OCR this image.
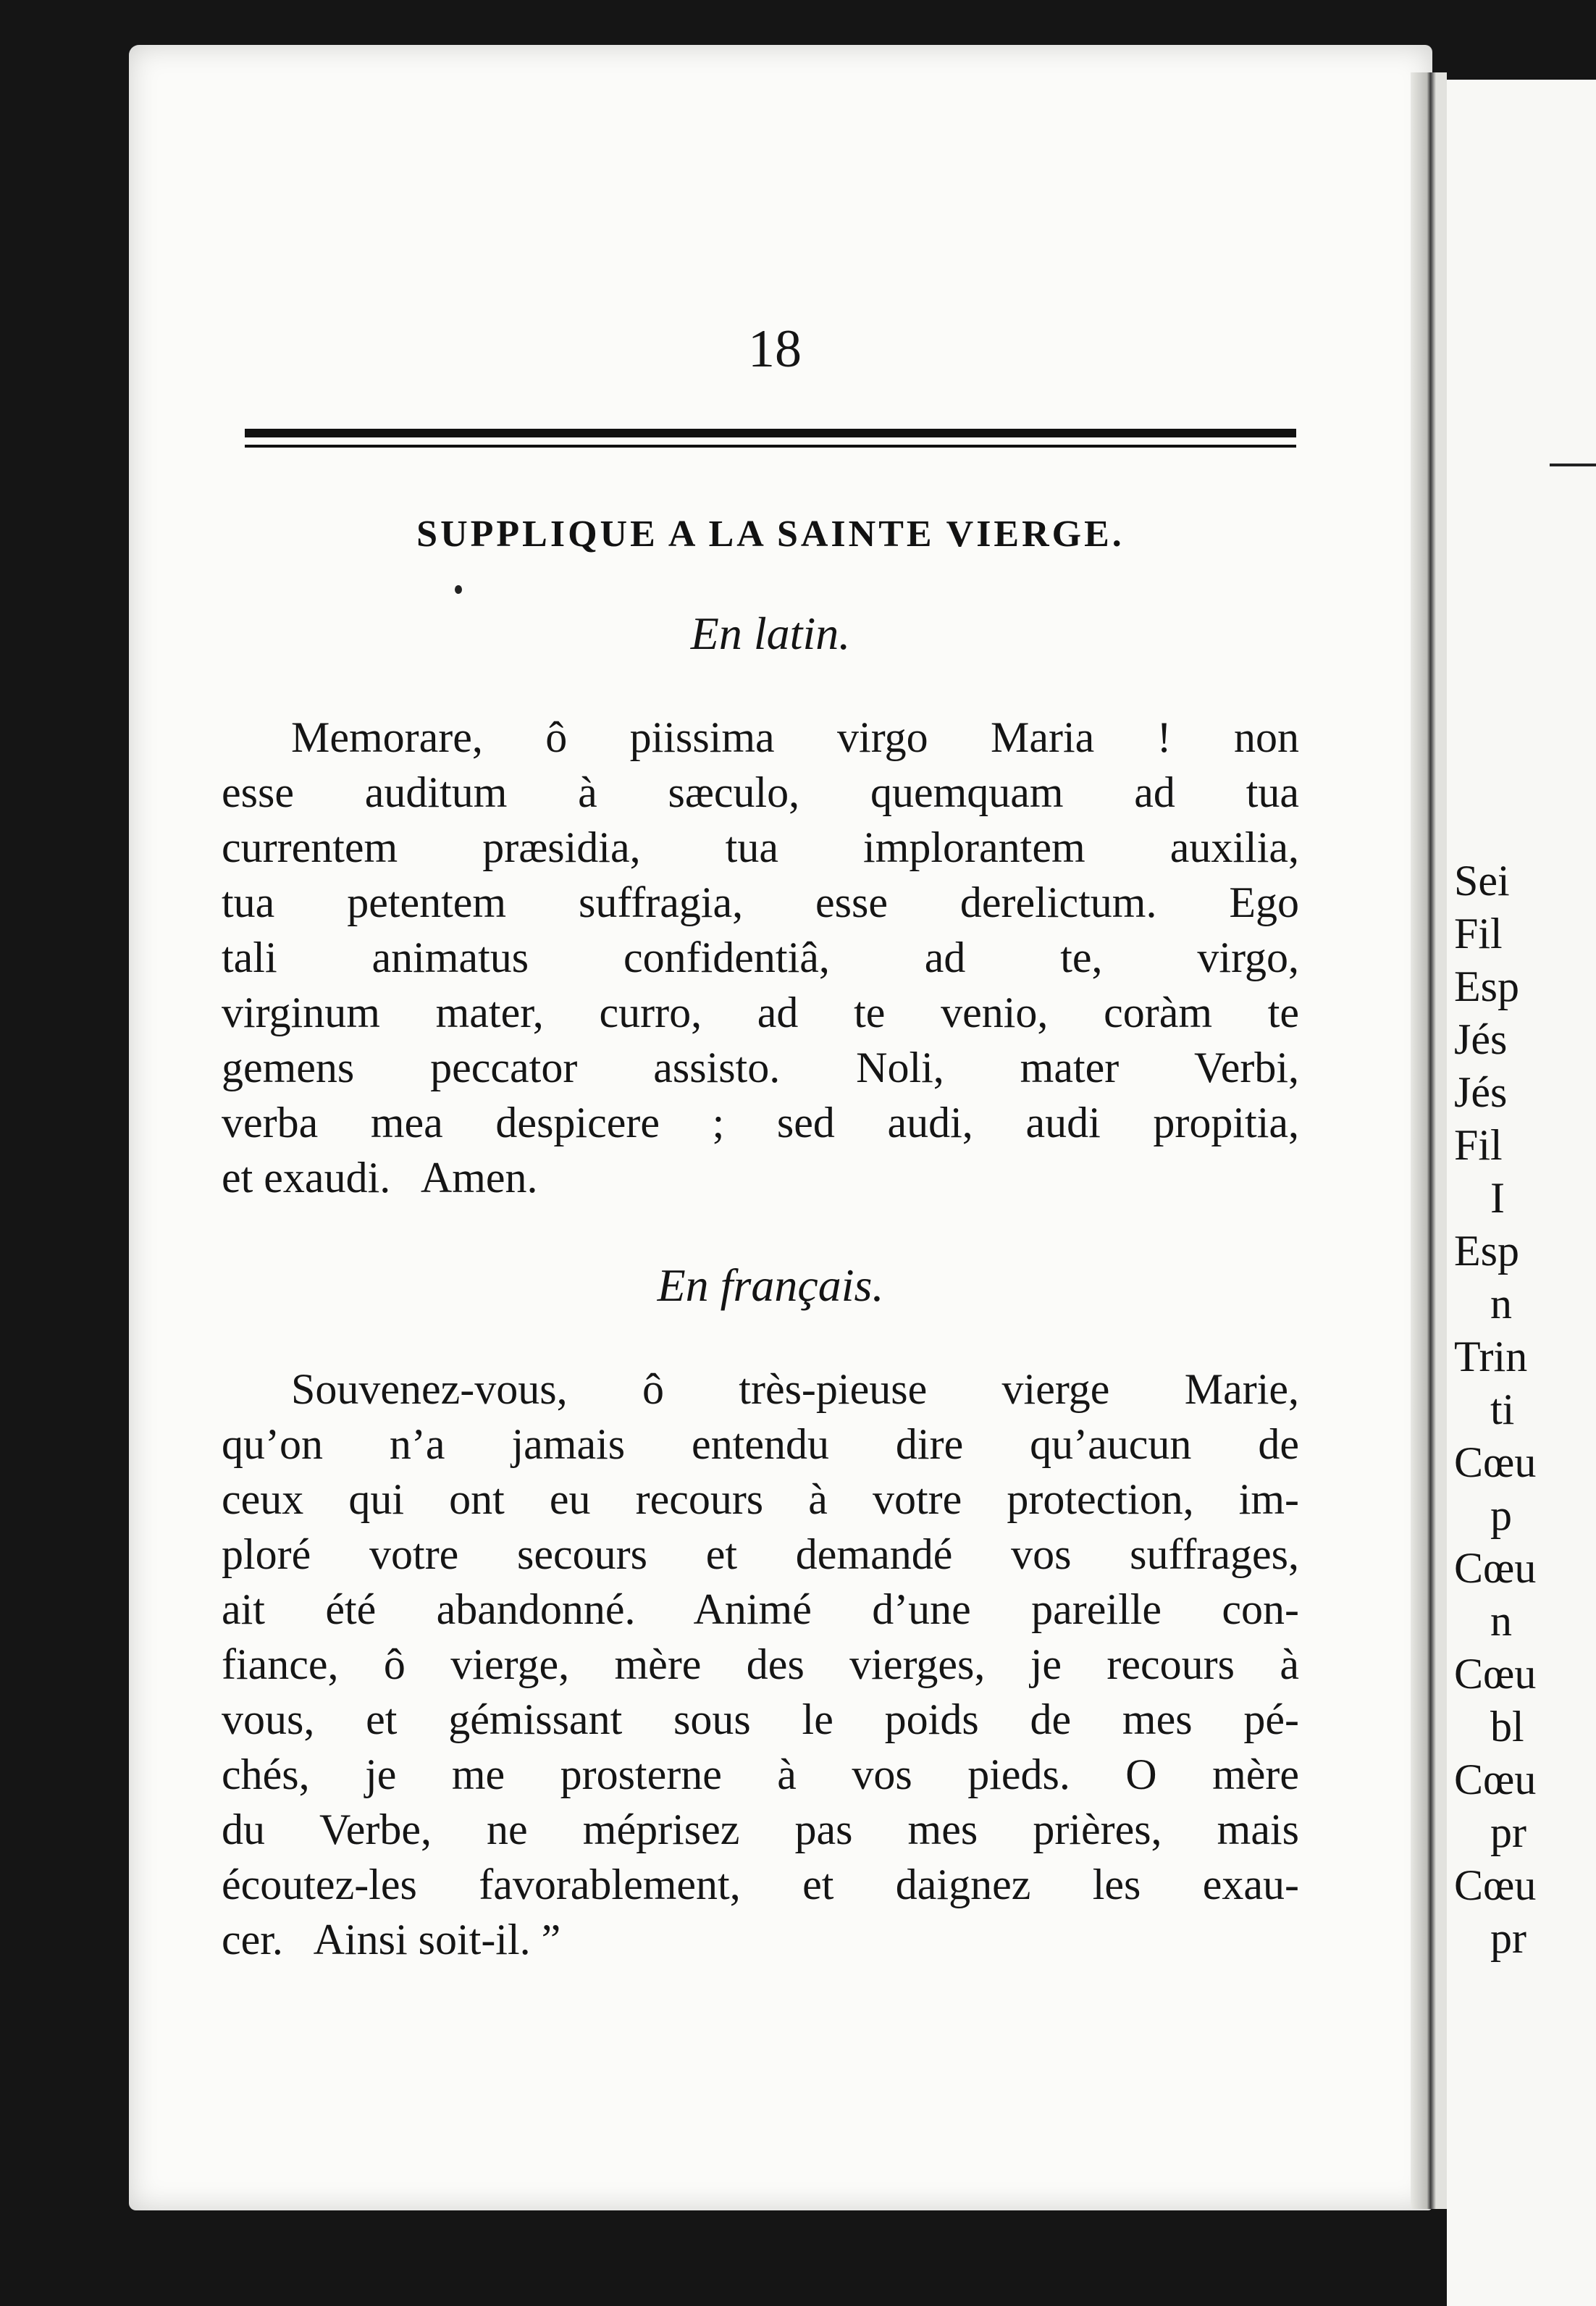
18
SUPPLIQUE A LA SAINTE VIERGE.
En latin.
Memorare, ô piissima virgo Maria ! non
esse auditum à sæculo, quemquam ad tua
currentem præsidia, tua implorantem auxilia,
tua petentem suffragia, esse derelictum. Ego
tali animatus confidentiâ, ad te, virgo,
virginum mater, curro, ad te venio, coràm te
gemens peccator assisto. Noli, mater Verbi,
verba mea despicere ; sed audi, audi propitia,
et exaudi.   Amen.
En français.
Souvenez-vous, ô très-pieuse vierge Marie,
qu’on n’a jamais entendu dire qu’aucun de
ceux qui ont eu recours à votre protection, im-
ploré votre secours et demandé vos suffrages,
ait été abandonné. Animé d’une pareille con-
fiance, ô vierge, mère des vierges, je recours à
vous, et gémissant sous le poids de mes pé-
chés, je me prosterne à vos pieds. O mère
du Verbe, ne méprisez pas mes prières, mais
écoutez-les favorablement, et daignez les exau-
cer.   Ainsi soit-il. ”
Sei
Fil
Esp
Jés
Jés
Fil
I
Esp
n
Trin
ti
Cœu
p
Cœu
n
Cœu
bl
Cœu
pr
Cœu
pr
